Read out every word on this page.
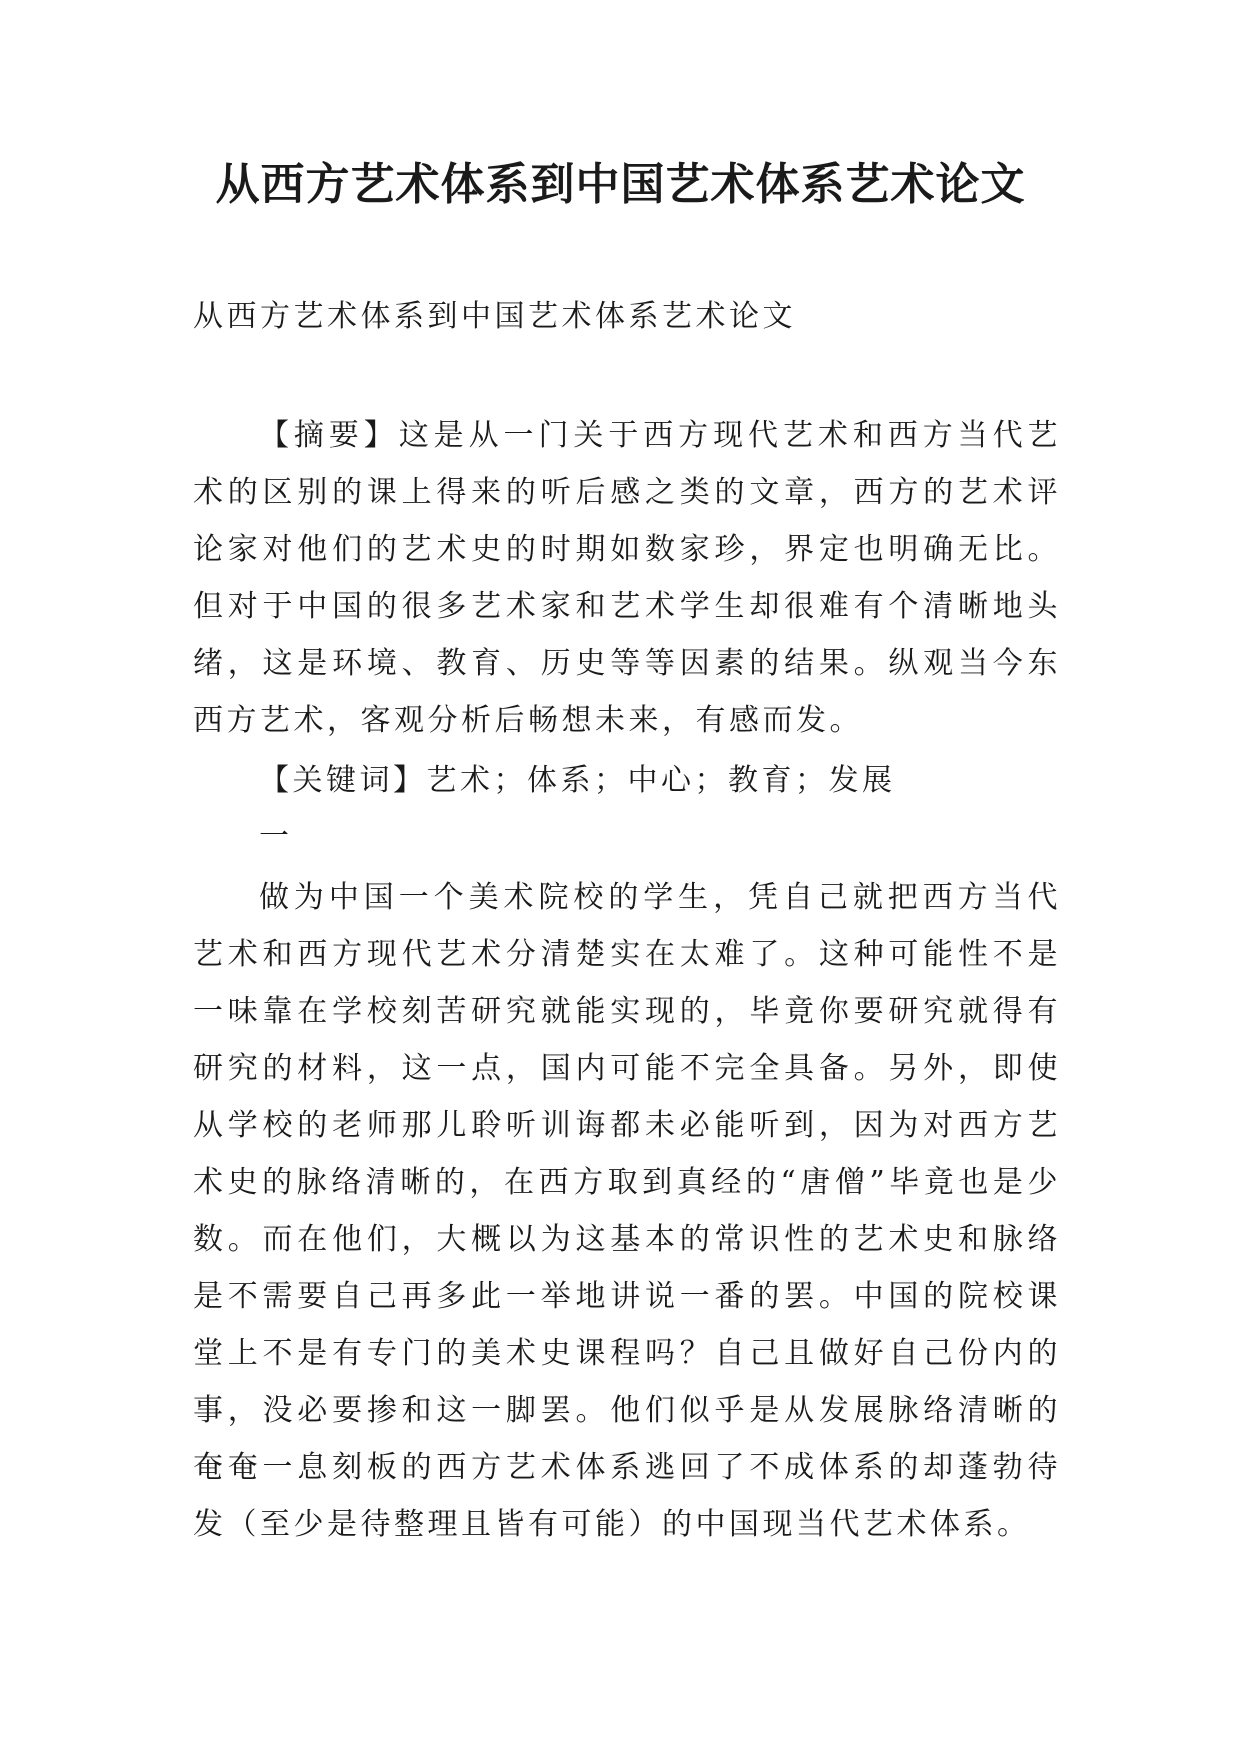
从西方艺术体系到中国艺术体系艺术论文

从西方艺术体系到中国艺术体系艺术论文

【摘要】这是从一门关于西方现代艺术和西方当代艺术的区别的课上得来的听后感之类的文章，西方的艺术评论家对他们的艺术史的时期如数家珍，界定也明确无比。但对于中国的很多艺术家和艺术学生却很难有个清晰地头绪，这是环境、教育、历史等等因素的结果。纵观当今东西方艺术，客观分析后畅想未来，有感而发。

【关键词】艺术；体系；中心；教育；发展

一

做为中国一个美术院校的学生，凭自己就把西方当代艺术和西方现代艺术分清楚实在太难了。这种可能性不是一味靠在学校刻苦研究就能实现的，毕竟你要研究就得有研究的材料，这一点，国内可能不完全具备。另外，即使从学校的老师那儿聆听训诲都未必能听到，因为对西方艺术史的脉络清晰的，在西方取到真经的“唐僧”毕竟也是少数。而在他们，大概以为这基本的常识性的艺术史和脉络是不需要自己再多此一举地讲说一番的罢。中国的院校课堂上不是有专门的美术史课程吗？自己且做好自己份内的事，没必要掺和这一脚罢。他们似乎是从发展脉络清晰的奄奄一息刻板的西方艺术体系逃回了不成体系的却蓬勃待发（至少是待整理且皆有可能）的中国现当代艺术体系。
